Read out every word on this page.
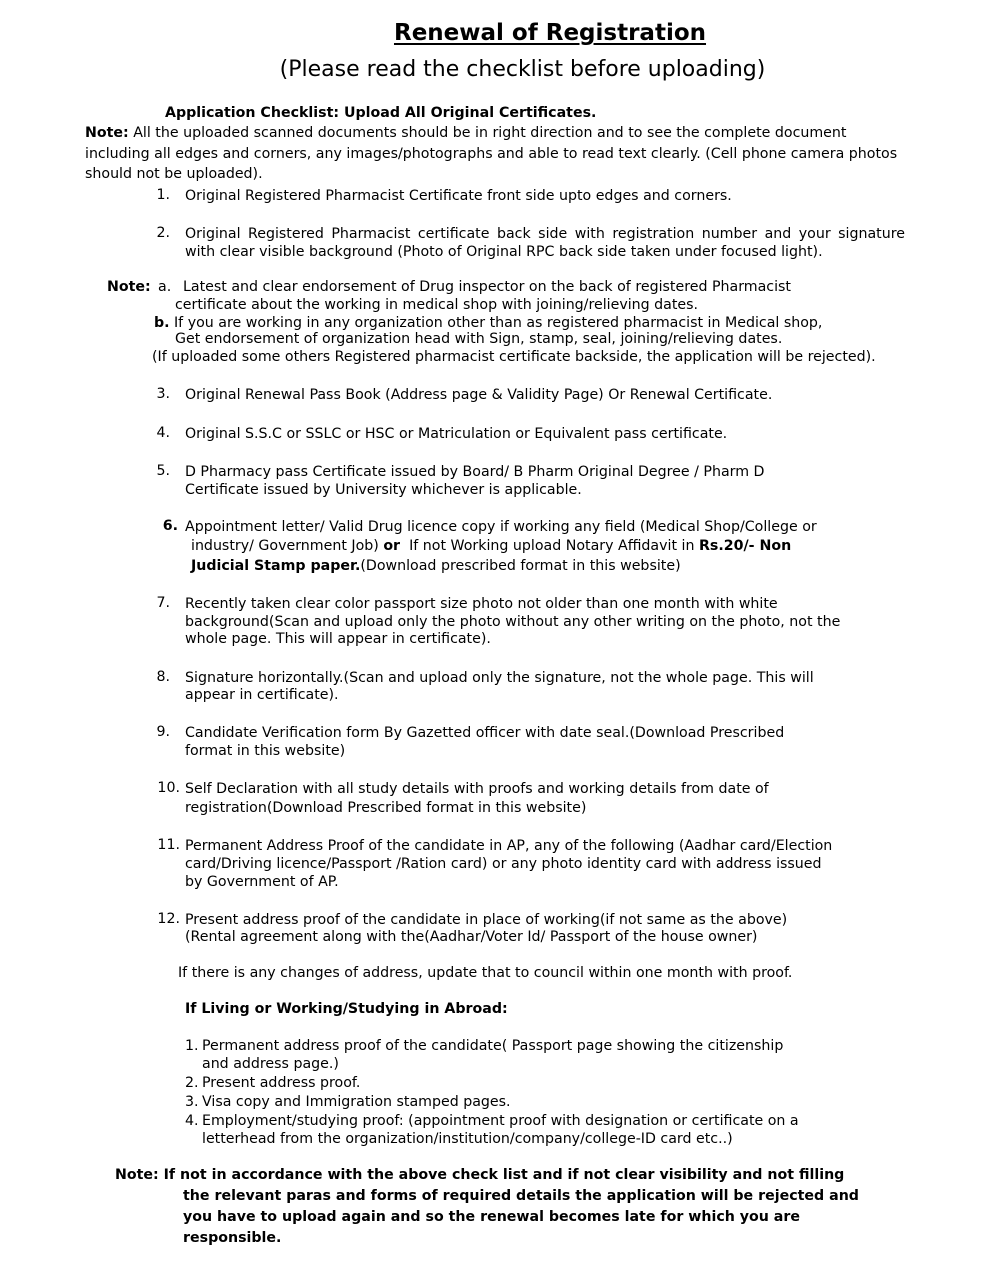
Renewal of Registration
(Please read the checklist before uploading)
Application Checklist: Upload All Original Certificates.
Note: All the uploaded scanned documents should be in right direction and to see the complete document including all edges and corners, any images/photographs and able to read text clearly. (Cell phone camera photos should not be uploaded).
1. Original Registered Pharmacist Certificate front side upto edges and corners.
2. Original Registered Pharmacist certificate back side with registration number and your signature with clear visible background (Photo of Original RPC back side taken under focused light).
Note: a. Latest and clear endorsement of Drug inspector on the back of registered Pharmacist
certificate about the working in medical shop with joining/relieving dates.
b. If you are working in any organization other than as registered pharmacist in Medical shop,
Get endorsement of organization head with Sign, stamp, seal, joining/relieving dates.
(If uploaded some others Registered pharmacist certificate backside, the application will be rejected).
3. Original Renewal Pass Book (Address page & Validity Page) Or Renewal Certificate.
4. Original S.S.C or SSLC or HSC or Matriculation or Equivalent pass certificate.
5. D Pharmacy pass Certificate issued by Board/ B Pharm Original Degree / Pharm D
Certificate issued by University whichever is applicable.
6. Appointment letter/ Valid Drug licence copy if working any field (Medical Shop/College or
industry/ Government Job) or  If not Working upload Notary Affidavit in Rs.20/- Non
Judicial Stamp paper.(Download prescribed format in this website)
7. Recently taken clear color passport size photo not older than one month with white
background(Scan and upload only the photo without any other writing on the photo, not the
whole page. This will appear in certificate).
8. Signature horizontally.(Scan and upload only the signature, not the whole page. This will
appear in certificate).
9. Candidate Verification form By Gazetted officer with date seal.(Download Prescribed
format in this website)
10. Self Declaration with all study details with proofs and working details from date of
registration(Download Prescribed format in this website)
11. Permanent Address Proof of the candidate in AP, any of the following (Aadhar card/Election
card/Driving licence/Passport /Ration card) or any photo identity card with address issued
by Government of AP.
12. Present address proof of the candidate in place of working(if not same as the above)
(Rental agreement along with the(Aadhar/Voter Id/ Passport of the house owner)
If there is any changes of address, update that to council within one month with proof.
If Living or Working/Studying in Abroad:
1. Permanent address proof of the candidate( Passport page showing the citizenship
and address page.)
2. Present address proof.
3. Visa copy and Immigration stamped pages.
4. Employment/studying proof: (appointment proof with designation or certificate on a
letterhead from the organization/institution/company/college-ID card etc..)
Note: If not in accordance with the above check list and if not clear visibility and not filling
the relevant paras and forms of required details the application will be rejected and
you have to upload again and so the renewal becomes late for which you are
responsible.
